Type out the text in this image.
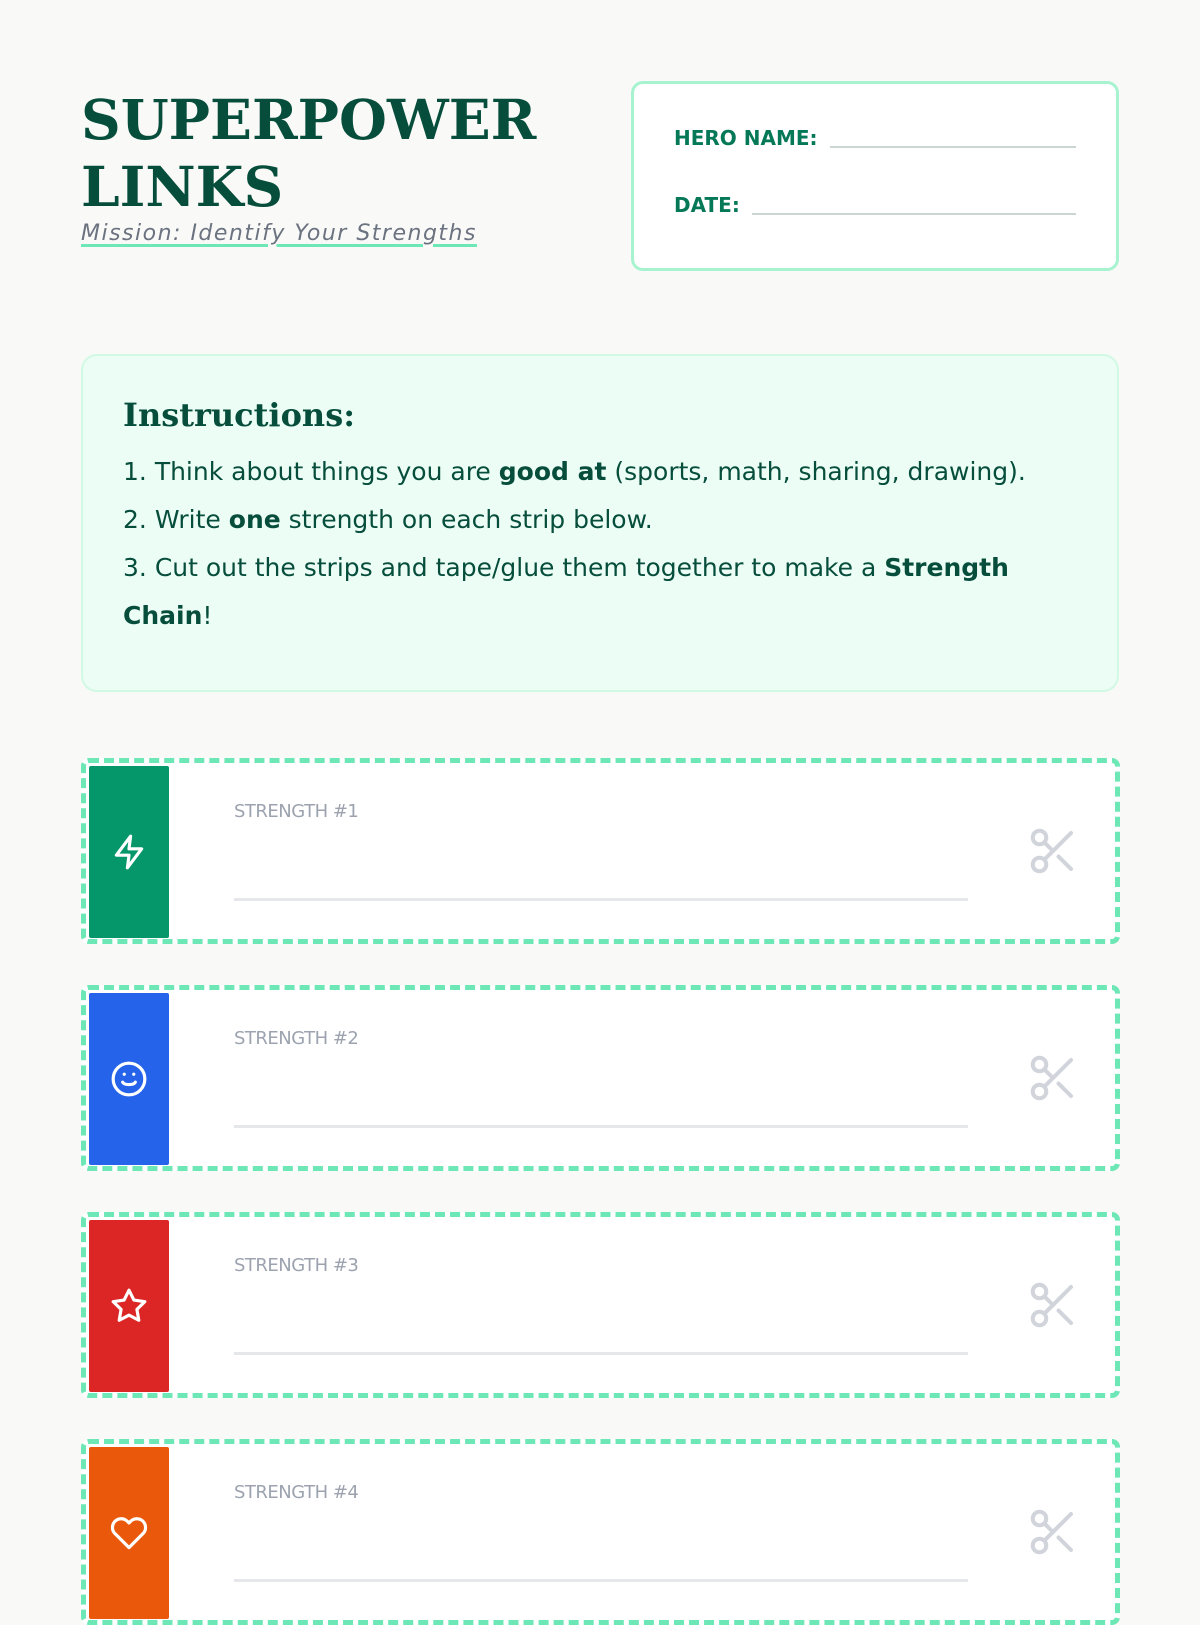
SUPERPOWER
LINKS
Mission: Identify Your Strengths
HERO NAME:
DATE:
Instructions:
1. Think about things you are good at (sports, math, sharing, drawing).
2. Write one strength on each strip below.
3. Cut out the strips and tape/glue them together to make a Strength Chain!
STRENGTH #1
STRENGTH #2
STRENGTH #3
STRENGTH #4
